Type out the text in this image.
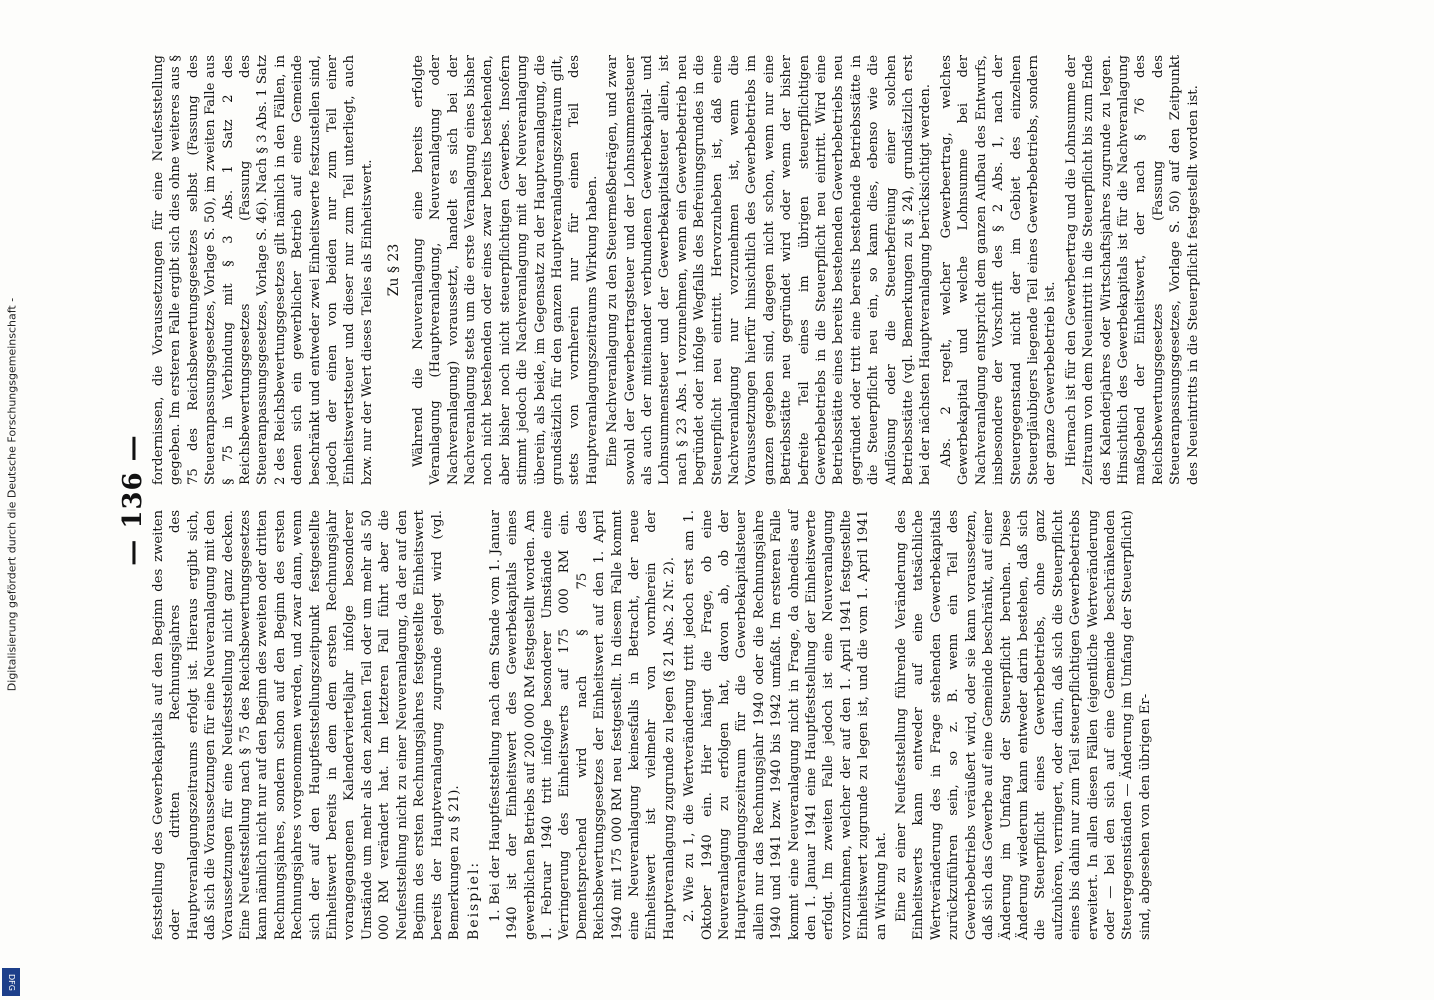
— 136 —

feststellung des Gewerbekapitals auf den Beginn des zweiten oder dritten Rechnungsjahres des Hauptveranlagungszeitraums erfolgt ist. Hieraus ergibt sich, daß sich die Voraussetzungen für eine Neuveranlagung mit den Voraussetzungen für eine Neufeststellung nicht ganz decken. Eine Neufeststellung nach § 75 des Reichsbewertungsgesetzes kann nämlich nicht nur auf den Beginn des zweiten oder dritten Rechnungsjahres, sondern schon auf den Beginn des ersten Rechnungsjahres vorgenommen werden, und zwar dann, wenn sich der auf den Hauptfeststellungszeitpunkt festgestellte Einheitswert bereits in dem dem ersten Rechnungsjahr vorangegangenen Kalendervierteljahr infolge besonderer Umstände um mehr als den zehnten Teil oder um mehr als 50 000 RM verändert hat. Im letzteren Fall führt aber die Neufeststellung nicht zu einer Neuveranlagung, da der auf den Beginn des ersten Rechnungsjahres festgestellte Einheitswert bereits der Hauptveranlagung zugrunde gelegt wird (vgl. Bemerkungen zu § 21). Beispiel: 1. Bei der Hauptfeststellung nach dem Stande vom 1. Januar 1940 ist der Einheitswert des Gewerbekapitals eines gewerblichen Betriebs auf 200 000 RM festgestellt worden. Am 1. Februar 1940 tritt infolge besonderer Umstände eine Verringerung des Einheitswerts auf 175 000 RM ein. Dementsprechend wird nach § 75 des Reichsbewertungsgesetzes der Einheitswert auf den 1. April 1940 mit 175 000 RM neu festgestellt. In diesem Falle kommt eine Neuveranlagung keinesfalls in Betracht, der neue Einheitswert ist vielmehr von vornherein der Hauptveranlagung zugrunde zu legen (§ 21 Abs. 2 Nr. 2). 2. Wie zu 1, die Wertveränderung tritt jedoch erst am 1. Oktober 1940 ein. Hier hängt die Frage, ob eine Neuveranlagung zu erfolgen hat, davon ab, ob der Hauptveranlagungszeitraum für die Gewerbekapitalsteuer allein nur das Rechnungsjahr 1940 oder die Rechnungsjahre 1940 und 1941 bzw. 1940 bis 1942 umfaßt. Im ersteren Falle kommt eine Neuveranlagung nicht in Frage, da ohnedies auf den 1. Januar 1941 eine Hauptfeststellung der Einheitswerte erfolgt. Im zweiten Falle jedoch ist eine Neuveranlagung vorzunehmen, welcher der auf den 1. April 1941 festgestellte Einheitswert zugrunde zu legen ist, und die vom 1. April 1941 an Wirkung hat. Eine zu einer Neufeststellung führende Veränderung des Einheitswerts kann entweder auf eine tatsächliche Wertveränderung des in Frage stehenden Gewerbekapitals zurückzuführen sein, so z. B. wenn ein Teil des Gewerbebetriebs veräußert wird, oder sie kann voraussetzen, daß sich das Gewerbe auf eine Gemeinde beschränkt, auf einer Änderung im Umfang der Steuerpflicht beruhen. Diese Änderung wiederum kann entweder darin bestehen, daß sich die Steuerpflicht eines Gewerbebetriebs, ohne ganz aufzuhören, verringert, oder darin, daß sich die Steuerpflicht eines bis dahin nur zum Teil steuerpflichtigen Gewerbebetriebs erweitert. In allen diesen Fällen (eigentliche Wertveränderung oder — bei den sich auf eine Gemeinde beschränkenden Steuergegenständen — Änderung im Umfang der Steuerpflicht) sind, abgesehen von den übrigen Er-

fordernissen, die Voraussetzungen für eine Neufeststellung gegeben. Im ersteren Falle ergibt sich dies ohne weiteres aus § 75 des Reichsbewertungsgesetzes selbst (Fassung des Steueranpassungsgesetzes, Vorlage S. 50), im zweiten Falle aus § 75 in Verbindung mit § 3 Abs. 1 Satz 2 des Reichsbewertungsgesetzes (Fassung des Steueranpassungsgesetzes, Vorlage S. 46). Nach § 3 Abs. 1 Satz 2 des Reichsbewertungsgesetzes gilt nämlich in den Fällen, in denen sich ein gewerblicher Betrieb auf eine Gemeinde beschränkt und entweder zwei Einheitswerte festzustellen sind, jedoch der einen von beiden nur zum Teil einer Einheitswertsteuer und dieser nur zum Teil unterliegt, auch bzw. nur der Wert dieses Teiles als Einheitswert. Zu § 23 Während die Neuveranlagung eine bereits erfolgte Veranlagung (Hauptveranlagung, Neuveranlagung oder Nachveranlagung) voraussetzt, handelt es sich bei der Nachveranlagung stets um die erste Veranlagung eines bisher noch nicht bestehenden oder eines zwar bereits bestehenden, aber bisher noch nicht steuerpflichtigen Gewerbes. Insofern stimmt jedoch die Nachveranlagung mit der Neuveranlagung überein, als beide, im Gegensatz zu der Hauptveranlagung, die grundsätzlich für den ganzen Hauptveranlagungszeitraum gilt, stets von vornherein nur für einen Teil des Hauptveranlagungszeitraums Wirkung haben. Eine Nachveranlagung zu den Steuermeßbeträgen, und zwar sowohl der Gewerbeertragsteuer und der Lohnsummensteuer als auch der miteinander verbundenen Gewerbekapital- und Lohnsummensteuer und der Gewerbekapitalsteuer allein, ist nach § 23 Abs. 1 vorzunehmen, wenn ein Gewerbebetrieb neu begründet oder infolge Wegfalls des Befreiungsgrundes in die Steuerpflicht neu eintritt. Hervorzuheben ist, daß eine Nachveranlagung nur vorzunehmen ist, wenn die Voraussetzungen hierfür hinsichtlich des Gewerbebetriebs im ganzen gegeben sind, dagegen nicht schon, wenn nur eine Betriebsstätte neu gegründet wird oder wenn der bisher befreite Teil eines im übrigen steuerpflichtigen Gewerbebetriebs in die Steuerpflicht neu eintritt. Wird eine Betriebsstätte eines bereits bestehenden Gewerbebetriebs neu gegründet oder tritt eine bereits bestehende Betriebsstätte in die Steuerpflicht neu ein, so kann dies, ebenso wie die Auflösung oder die Steuerbefreiung einer solchen Betriebsstätte (vgl. Bemerkungen zu § 24), grundsätzlich erst bei der nächsten Hauptveranlagung berücksichtigt werden. Abs. 2 regelt, welcher Gewerbeertrag, welches Gewerbekapital und welche Lohnsumme bei der Nachveranlagung entspricht dem ganzen Aufbau des Entwurfs, insbesondere der Vorschrift des § 2 Abs. 1, nach der Steuergegenstand nicht der im Gebiet des einzelnen Steuergläubigers liegende Teil eines Gewerbebetriebs, sondern der ganze Gewerbebetrieb ist. Hiernach ist für den Gewerbeertrag und die Lohnsumme der Zeitraum von dem Neueintritt in die Steuerpflicht bis zum Ende des Kalenderjahres oder Wirtschaftsjahres zugrunde zu legen. Hinsichtlich des Gewerbekapitals ist für die Nachveranlagung maßgebend der Einheitswert, der nach § 76 des Reichsbewertungsgesetzes (Fassung des Steueranpassungsgesetzes, Vorlage S. 50) auf den Zeitpunkt des Neueintritts in die Steuerpflicht festgestellt worden ist.

Digitalisierung gefördert durch die Deutsche Forschungsgemeinschaft -
DFG
